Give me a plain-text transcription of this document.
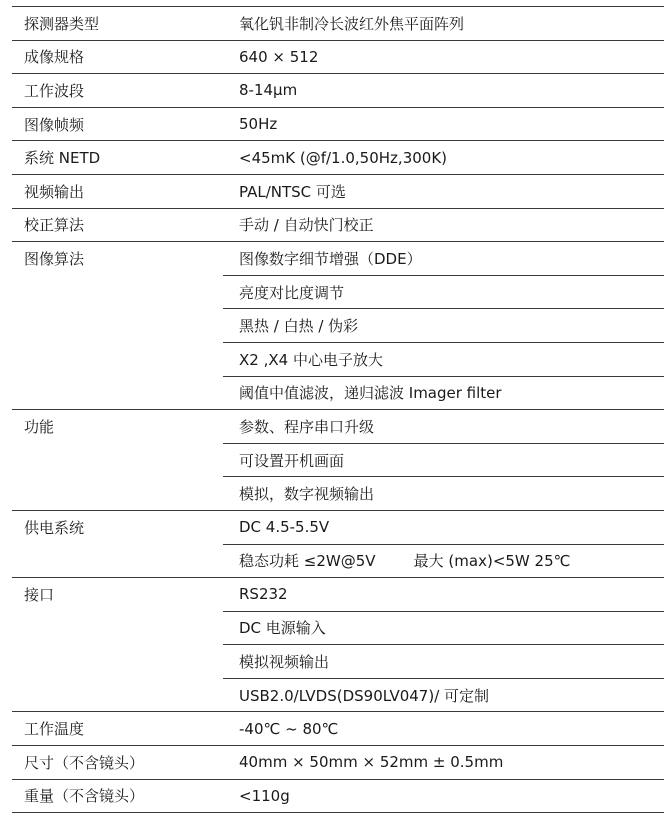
探测器类型	氧化钒非制冷长波红外焦平面阵列
成像规格	640 × 512
工作波段	8-14μm
图像帧频	50Hz
系统 NETD	<45mK (@f/1.0,50Hz,300K)
视频输出	PAL/NTSC 可选
校正算法	手动 / 自动快门校正
图像算法	图像数字细节增强（DDE）
	亮度对比度调节
	黑热 / 白热 / 伪彩
	X2 ,X4 中心电子放大
	阈值中值滤波，递归滤波 Imager filter
功能	参数、程序串口升级
	可设置开机画面
	模拟，数字视频输出
供电系统	DC 4.5-5.5V
	稳态功耗 ≤2W@5V        最大 (max)<5W 25℃
接口	RS232
	DC 电源输入
	模拟视频输出
	USB2.0/LVDS(DS90LV047)/ 可定制
工作温度	-40℃ ~ 80℃
尺寸（不含镜头）	40mm × 50mm × 52mm ± 0.5mm
重量（不含镜头）	<110g
